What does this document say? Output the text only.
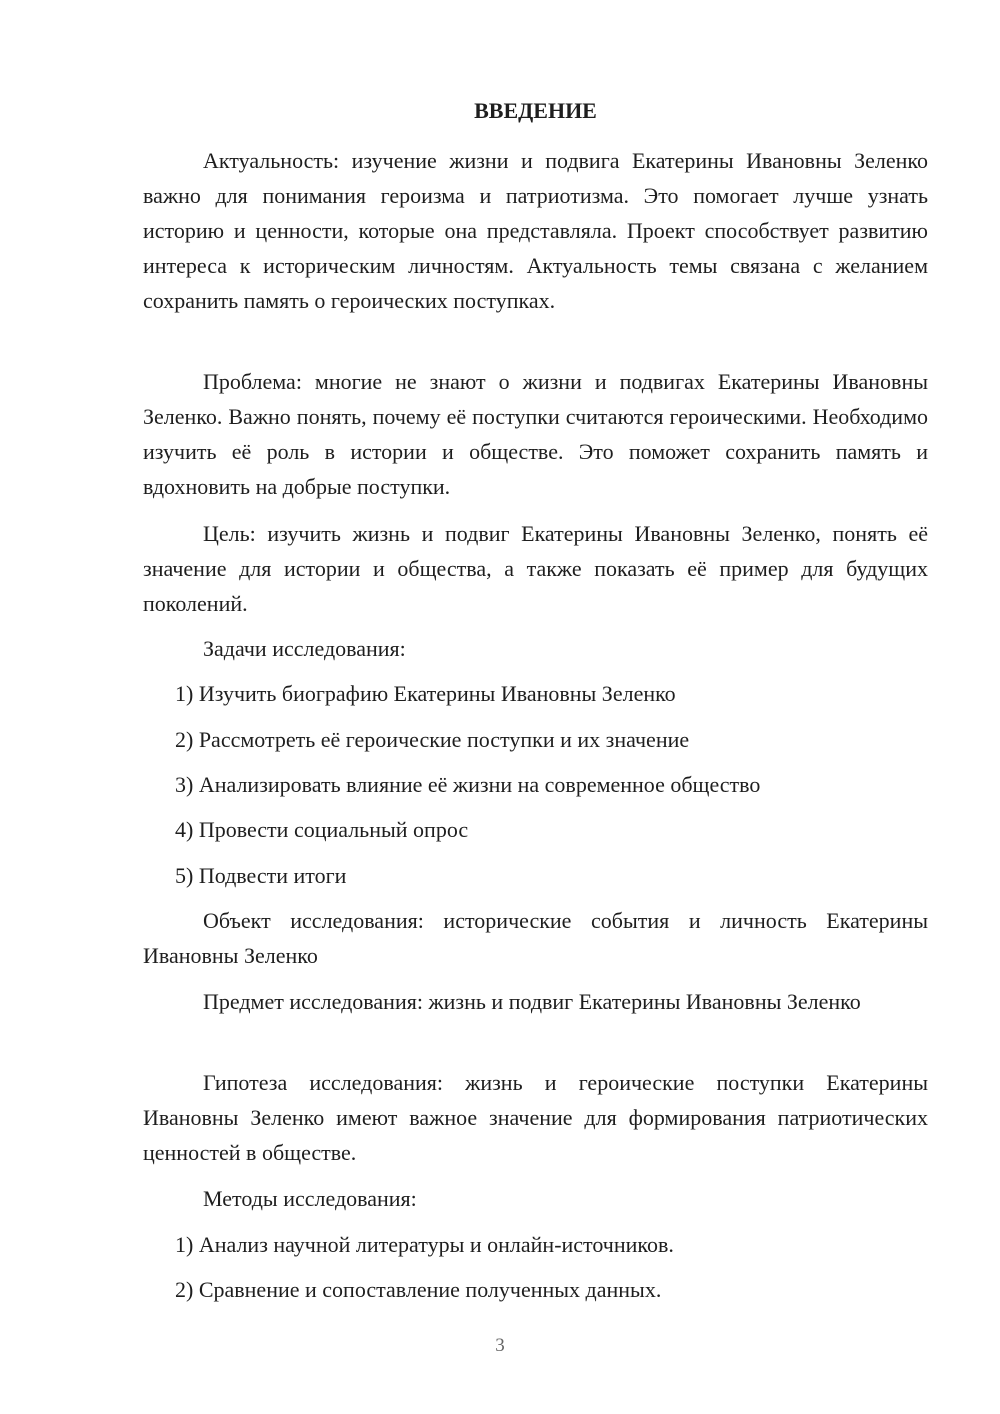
ВВЕДЕНИЕ

Актуальность: изучение жизни и подвига Екатерины Ивановны Зеленко важно для понимания героизма и патриотизма. Это помогает лучше узнать историю и ценности, которые она представляла. Проект способствует развитию интереса к историческим личностям. Актуальность темы связана с желанием сохранить память о героических поступках.

Проблема: многие не знают о жизни и подвигах Екатерины Ивановны Зеленко. Важно понять, почему её поступки считаются героическими. Необходимо изучить её роль в истории и обществе. Это поможет сохранить память и вдохновить на добрые поступки.

Цель: изучить жизнь и подвиг Екатерины Ивановны Зеленко, понять её значение для истории и общества, а также показать её пример для будущих поколений.

Задачи исследования:

1) Изучить биографию Екатерины Ивановны Зеленко
2) Рассмотреть её героические поступки и их значение
3) Анализировать влияние её жизни на современное общество
4) Провести социальный опрос
5) Подвести итоги

Объект исследования: исторические события и личность Екатерины Ивановны Зеленко

Предмет исследования: жизнь и подвиг Екатерины Ивановны Зеленко

Гипотеза исследования: жизнь и героические поступки Екатерины Ивановны Зеленко имеют важное значение для формирования патриотических ценностей в обществе.

Методы исследования:

1) Анализ научной литературы и онлайн-источников.
2) Сравнение и сопоставление полученных данных.
3
